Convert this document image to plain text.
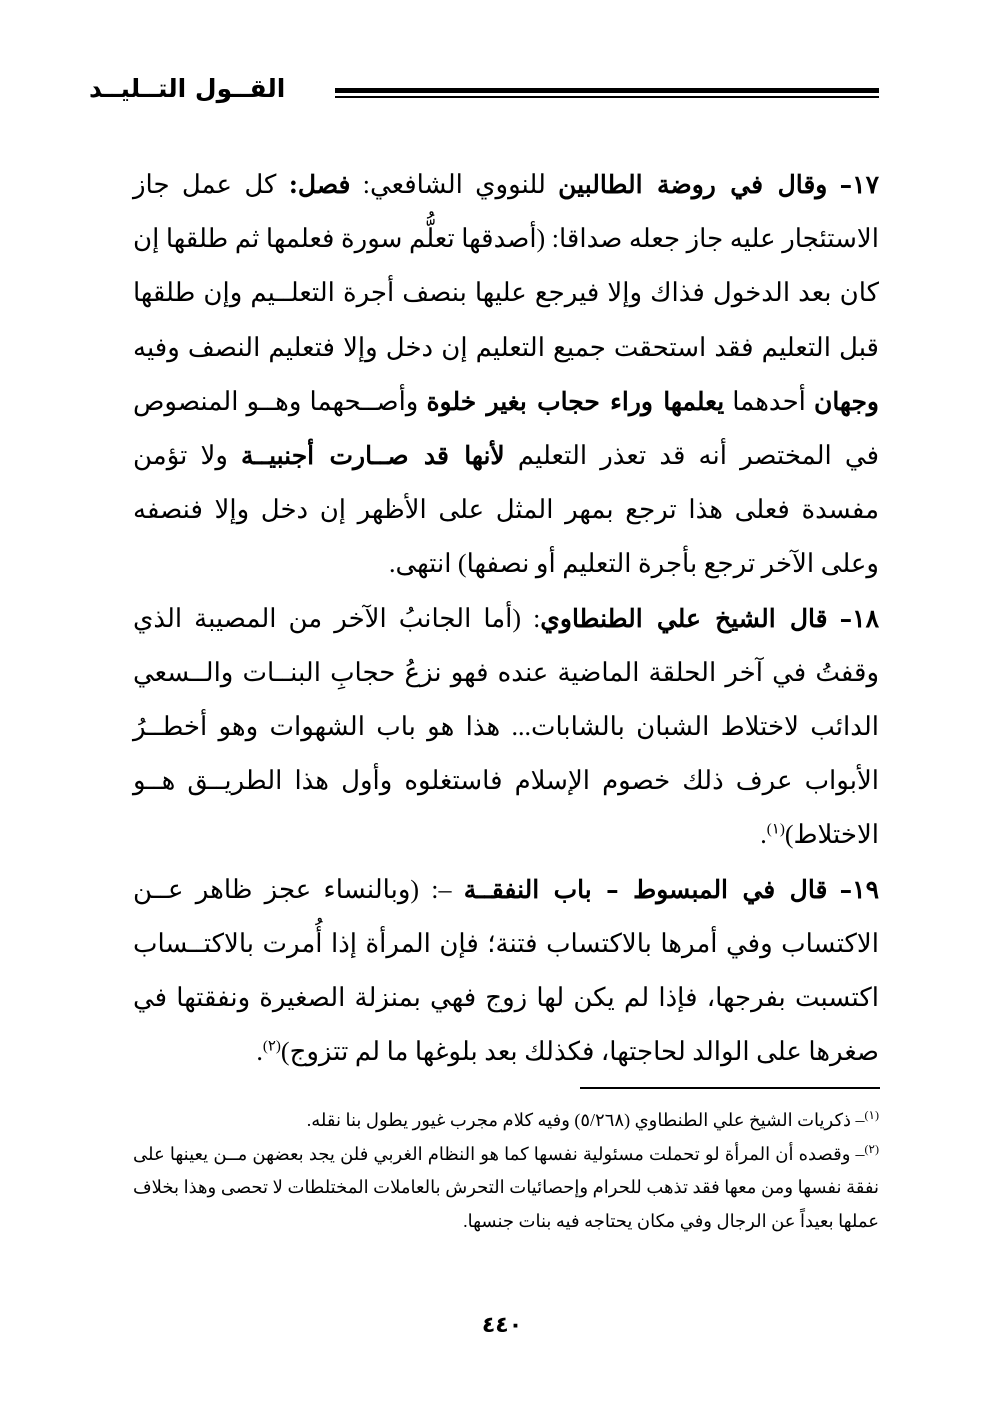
القــول التــليــد

١٧– وقال في روضة الطالبين للنووي الشافعي: فصل: كل عمل جاز الاستئجار عليه جاز جعله صداقا: (أصدقها تعلُّم سورة فعلمها ثم طلقها إن كان بعد الدخول فذاك وإلا فيرجع عليها بنصف أجرة التعلــيم وإن طلقها قبل التعليم فقد استحقت جميع التعليم إن دخل وإلا فتعليم النصف وفيه وجهان أحدهما يعلمها وراء حجاب بغير خلوة وأصــحهما وهــو المنصوص في المختصر أنه قد تعذر التعليم لأنها قد صــارت أجنبيــة ولا تؤمن مفسدة فعلى هذا ترجع بمهر المثل على الأظهر إن دخل وإلا فنصفه وعلى الآخر ترجع بأجرة التعليم أو نصفها) انتهى.

١٨– قال الشيخ علي الطنطاوي: (أما الجانبُ الآخر من المصيبة الذي وقفتُ في آخر الحلقة الماضية عنده فهو نزعُ حجابِ البنــات والــسعي الدائب لاختلاط الشبان بالشابات... هذا هو باب الشهوات وهو أخطــرُ الأبواب عرف ذلك خصوم الإسلام فاستغلوه وأول هذا الطريــق هــو الاختلاط)$^{(١)}$.

١٩– قال في المبسوط – باب النفقــة –: (وبالنساء عجز ظاهر عــن الاكتساب وفي أمرها بالاكتساب فتنة؛ فإن المرأة إذا أُمرت بالاكتــساب اكتسبت بفرجها، فإذا لم يكن لها زوج فهي بمنزلة الصغيرة ونفقتها في صغرها على الوالد لحاجتها، فكذلك بعد بلوغها ما لم تتزوج)$^{(٢)}$.

$^{(١)}$– ذكريات الشيخ علي الطنطاوي (٥/٢٦٨) وفيه كلام مجرب غيور يطول بنا نقله.

$^{(٢)}$– وقصده أن المرأة لو تحملت مسئولية نفسها كما هو النظام الغربي فلن يجد بعضهن مــن يعينها على نفقة نفسها ومن معها فقد تذهب للحرام وإحصائيات التحرش بالعاملات المختلطات لا تحصى وهذا بخلاف عملها بعيداً عن الرجال وفي مكان يحتاجه فيه بنات جنسها.

٤٤٠
